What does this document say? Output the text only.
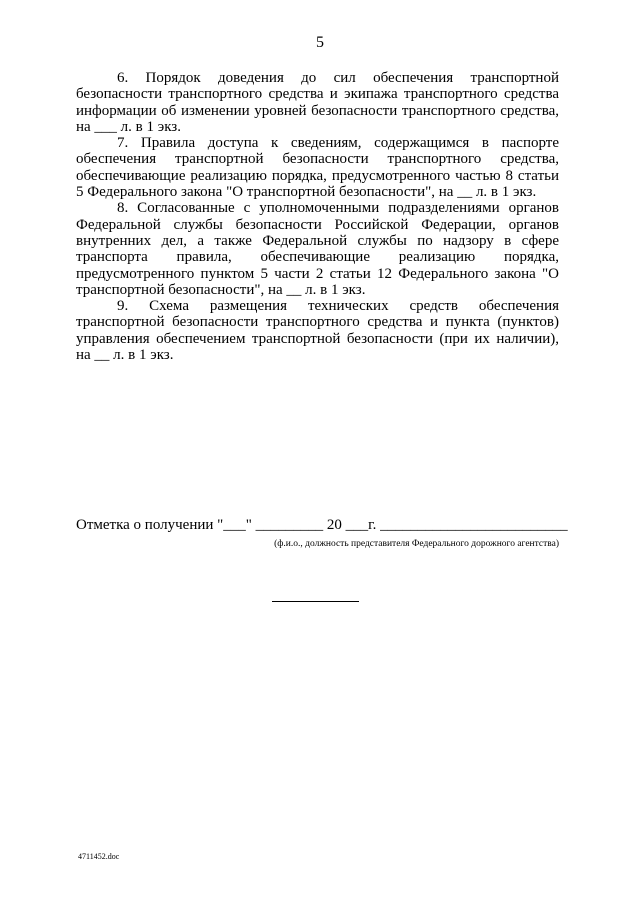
5

6. Порядок доведения до сил обеспечения транспортной безопасности транспортного средства и экипажа транспортного средства информации об изменении уровней безопасности транспортного средства, на ___ л. в 1 экз.

7. Правила доступа к сведениям, содержащимся в паспорте обеспечения транспортной безопасности транспортного средства, обеспечивающие реализацию порядка, предусмотренного частью 8 статьи 5 Федерального закона "О транспортной безопасности", на __ л. в 1 экз.

8. Согласованные с уполномоченными подразделениями органов Федеральной службы безопасности Российской Федерации, органов внутренних дел, а также Федеральной службы по надзору в сфере транспорта правила, обеспечивающие реализацию порядка, предусмотренного пунктом 5 части 2 статьи 12 Федерального закона "О транспортной безопасности", на __ л. в 1 экз.

9. Схема размещения технических средств обеспечения транспортной безопасности транспортного средства и пункта (пунктов) управления обеспечением транспортной безопасности (при их наличии), на __ л. в 1 экз.

Отметка о получении "___" _________ 20 ___г. _________________________
(ф.и.о., должность представителя Федерального дорожного агентства)
4711452.doc
